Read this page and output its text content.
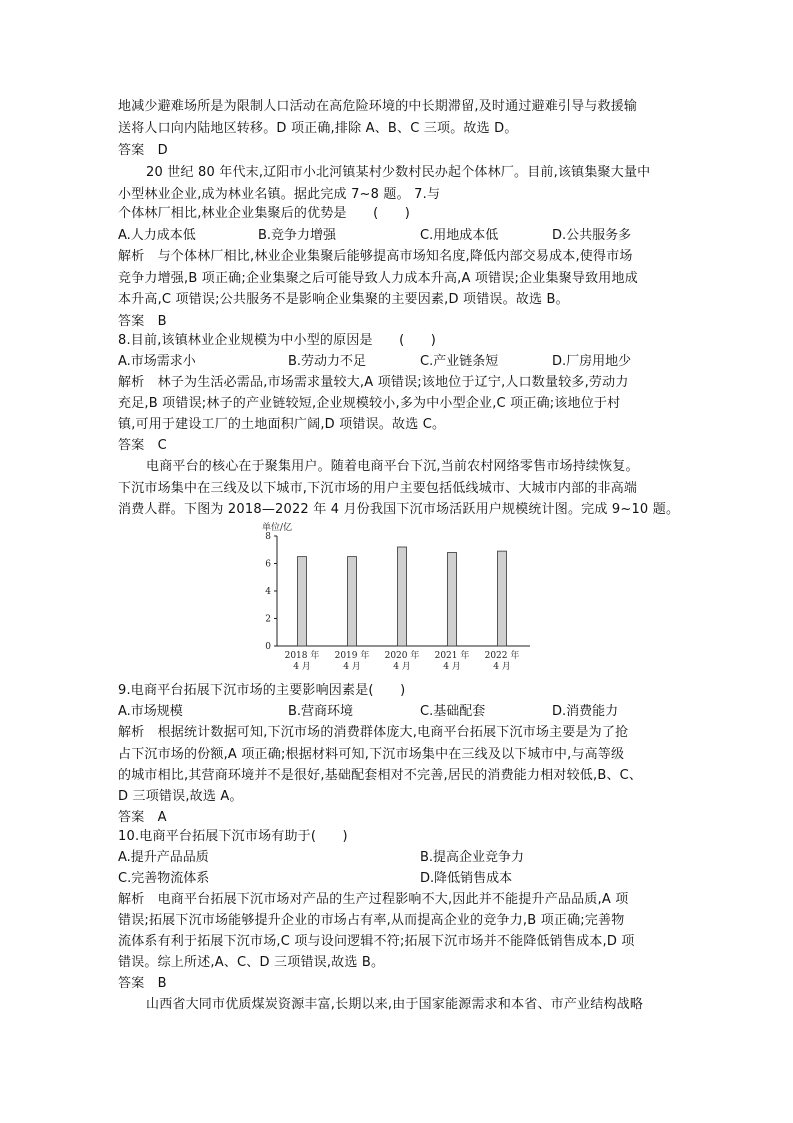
地减少避难场所是为限制人口活动在高危险环境的中长期滞留,及时通过避难引导与救援输
送将人口向内陆地区转移。D 项正确,排除 A、B、C 三项。故选 D。
答案　D
20 世纪 80 年代末,辽阳市小北河镇某村少数村民办起个体林厂。目前,该镇集聚大量中
小型林业企业,成为林业名镇。据此完成 7~8 题。 7.与
个体林厂相比,林业企业集聚后的优势是　　(　　)
A.人力成本低	B.竞争力增强	C.用地成本低	D.公共服务多
解析　与个体林厂相比,林业企业集聚后能够提高市场知名度,降低内部交易成本,使得市场
竞争力增强,B 项正确;企业集聚之后可能导致人力成本升高,A 项错误;企业集聚导致用地成
本升高,C 项错误;公共服务不是影响企业集聚的主要因素,D 项错误。故选 B。
答案　B
8.目前,该镇林业企业规模为中小型的原因是　　(　　)
A.市场需求小	B.劳动力不足	C.产业链条短	D.厂房用地少
解析　林子为生活必需品,市场需求量较大,A 项错误;该地位于辽宁,人口数量较多,劳动力
充足,B 项错误;林子的产业链较短,企业规模较小,多为中小型企业,C 项正确;该地位于村
镇,可用于建设工厂的土地面积广阔,D 项错误。故选 C。
答案　C
电商平台的核心在于聚集用户。随着电商平台下沉,当前农村网络零售市场持续恢复。
下沉市场集中在三线及以下城市,下沉市场的用户主要包括低线城市、大城市内部的非高端
消费人群。下图为 2018—2022 年 4 月份我国下沉市场活跃用户规模统计图。完成 9~10 题。
单位/亿
0
2
4
6
8
2018 年
4 月
2019 年
4 月
2020 年
4 月
2021 年
4 月
2022 年
4 月
9.电商平台拓展下沉市场的主要影响因素是(　　)
A.市场规模	B.营商环境	C.基础配套	D.消费能力
解析　根据统计数据可知,下沉市场的消费群体庞大,电商平台拓展下沉市场主要是为了抢
占下沉市场的份额,A 项正确;根据材料可知,下沉市场集中在三线及以下城市中,与高等级
的城市相比,其营商环境并不是很好,基础配套相对不完善,居民的消费能力相对较低,B、C、
D 三项错误,故选 A。
答案　A
10.电商平台拓展下沉市场有助于(　　)
A.提升产品品质	B.提高企业竞争力
C.完善物流体系	D.降低销售成本
解析　电商平台拓展下沉市场对产品的生产过程影响不大,因此并不能提升产品品质,A 项
错误;拓展下沉市场能够提升企业的市场占有率,从而提高企业的竞争力,B 项正确;完善物
流体系有利于拓展下沉市场,C 项与设问逻辑不符;拓展下沉市场并不能降低销售成本,D 项
错误。综上所述,A、C、D 三项错误,故选 B。
答案　B
山西省大同市优质煤炭资源丰富,长期以来,由于国家能源需求和本省、市产业结构战略
